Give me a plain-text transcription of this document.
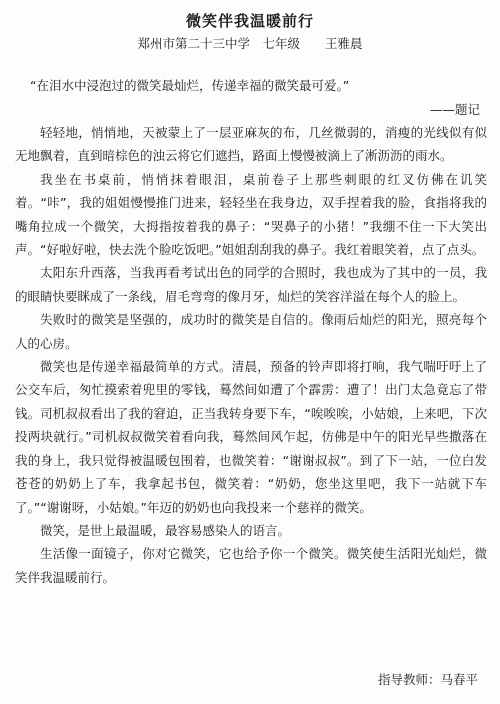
微笑伴我温暖前行
郑州市第二十三中学　七年级　　王雅晨
“在泪水中浸泡过的微笑最灿烂，传递幸福的微笑最可爱。”
——题记

轻轻地，悄悄地，天被蒙上了一层亚麻灰的布，几丝微弱的，消瘦的光线似有似无地飘着，直到暗棕色的浊云将它们遮挡，路面上慢慢被滴上了淅沥沥的雨水。

我坐在书桌前，悄悄抹着眼泪，桌前卷子上那些刺眼的红叉仿佛在讥笑着。“咔”，我的姐姐慢慢推门进来，轻轻坐在我身边，双手捏着我的脸，食指将我的嘴角拉成一个微笑，大拇指按着我的鼻子：“哭鼻子的小猪！”我绷不住一下大笑出声。“好啦好啦，快去洗个脸吃饭吧。”姐姐刮刮我的鼻子。我红着眼笑着，点了点头。

太阳东升西落，当我再看考试出色的同学的合照时，我也成为了其中的一员，我的眼睛快要眯成了一条线，眉毛弯弯的像月牙，灿烂的笑容洋溢在每个人的脸上。

失败时的微笑是坚强的，成功时的微笑是自信的。像雨后灿烂的阳光，照亮每个人的心房。

微笑也是传递幸福最简单的方式。清晨，预备的铃声即将打响，我气喘吁吁上了公交车后，匆忙摸索着兜里的零钱，蓦然间如遭了个霹雳：遭了！出门太急竟忘了带钱。司机叔叔看出了我的窘迫，正当我转身要下车，“唉唉唉，小姑娘，上来吧，下次投两块就行。”司机叔叔微笑着看向我，蓦然间风乍起，仿佛是中午的阳光早些撒落在我的身上，我只觉得被温暖包围着，也微笑着：“谢谢叔叔”。到了下一站，一位白发苍苍的奶奶上了车，我拿起书包，微笑着：“奶奶，您坐这里吧，我下一站就下车了。”“谢谢呀，小姑娘。”年迈的奶奶也向我投来一个慈祥的微笑。

微笑，是世上最温暖，最容易感染人的语言。

生活像一面镜子，你对它微笑，它也给予你一个微笑。微笑使生活阳光灿烂，微笑伴我温暖前行。

指导教师：马春平
